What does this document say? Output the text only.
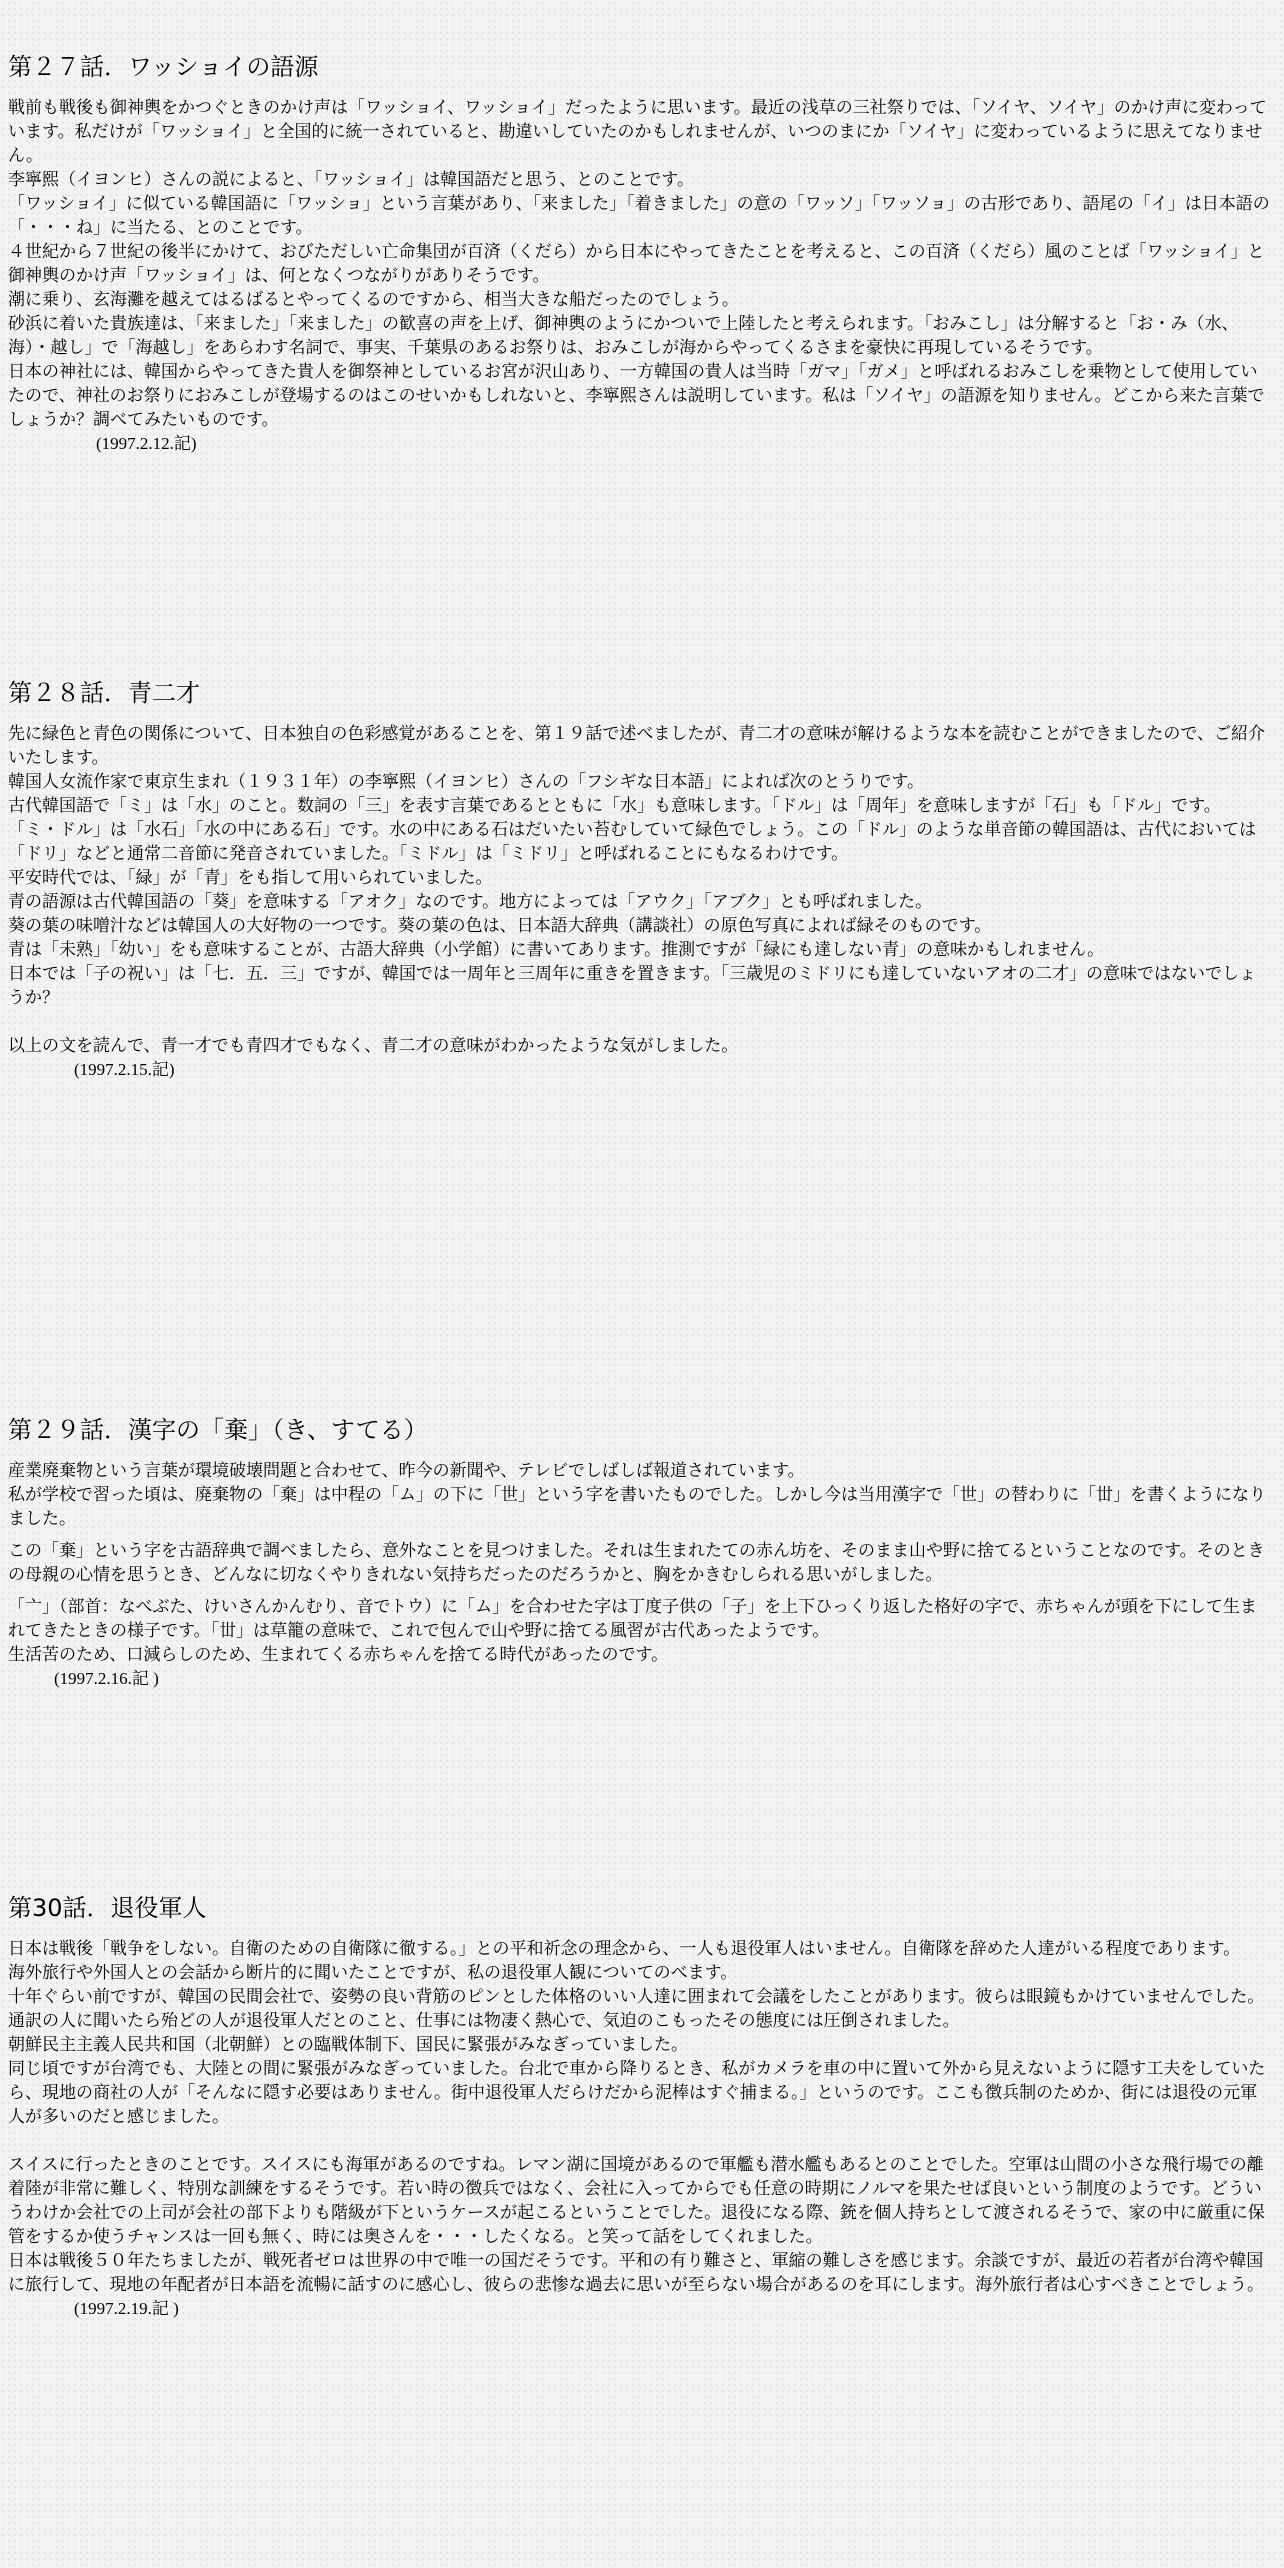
第２７話．ワッショイの語源

戦前も戦後も御神輿をかつぐときのかけ声は「ワッショイ、ワッショイ」だったように思います。最近の浅草の三社祭りでは、「ソイヤ、ソイヤ」のかけ声に変わっています。私だけが「ワッショイ」と全国的に統一されていると、勘違いしていたのかもしれませんが、いつのまにか「ソイヤ」に変わっているように思えてなりません。

李寧熙（イヨンヒ）さんの説によると、「ワッショイ」は韓国語だと思う、とのことです。

「ワッショイ」に似ている韓国語に「ワッショ」という言葉があり、「来ました」「着きました」の意の「ワッソ」「ワッソョ」の古形であり、語尾の「イ」は日本語の「・・・ね」に当たる、とのことです。

４世紀から７世紀の後半にかけて、おびただしい亡命集団が百済（くだら）から日本にやってきたことを考えると、この百済（くだら）風のことば「ワッショイ」と御神輿のかけ声「ワッショイ」は、何となくつながりがありそうです。

潮に乗り、玄海灘を越えてはるばるとやってくるのですから、相当大きな船だったのでしょう。

砂浜に着いた貴族達は、「来ました」「来ました」の歓喜の声を上げ、御神輿のようにかついで上陸したと考えられます。「おみこし」は分解すると「お・み（水、海）・越し」で「海越し」をあらわす名詞で、事実、千葉県のあるお祭りは、おみこしが海からやってくるさまを豪快に再現しているそうです。

日本の神社には、韓国からやってきた貴人を御祭神としているお宮が沢山あり、一方韓国の貴人は当時「ガマ」「ガメ」と呼ばれるおみこしを乗物として使用していたので、神社のお祭りにおみこしが登場するのはこのせいかもしれないと、李寧熙さんは説明しています。私は「ソイヤ」の語源を知りません。どこから来た言葉でしょうか？調べてみたいものです。

(1997.2.12.記)
第２８話．青二才

先に緑色と青色の関係について、日本独自の色彩感覚があることを、第１９話で述べましたが、青二才の意味が解けるような本を読むことができましたので、ご紹介いたします。

韓国人女流作家で東京生まれ（１９３１年）の李寧熙（イヨンヒ）さんの「フシギな日本語」によれば次のとうりです。

古代韓国語で「ミ」は「水」のこと。数詞の「三」を表す言葉であるとともに「水」も意味します。「ドル」は「周年」を意味しますが「石」も「ドル」です。

「ミ・ドル」は「水石」「水の中にある石」です。水の中にある石はだいたい苔むしていて緑色でしょう。この「ドル」のような単音節の韓国語は、古代においては「ドリ」などと通常二音節に発音されていました。「ミドル」は「ミドリ」と呼ばれることにもなるわけです。

平安時代では、「緑」が「青」をも指して用いられていました。

青の語源は古代韓国語の「葵」を意味する「アオク」なのです。地方によっては「アウク」「アブク」とも呼ばれました。

葵の葉の味噌汁などは韓国人の大好物の一つです。葵の葉の色は、日本語大辞典（講談社）の原色写真によれば緑そのものです。

青は「未熟」「幼い」をも意味することが、古語大辞典（小学館）に書いてあります。推測ですが「緑にも達しない青」の意味かもしれません。

日本では「子の祝い」は「七．五．三」ですが、韓国では一周年と三周年に重きを置きます。「三歳児のミドリにも達していないアオの二才」の意味ではないでしょうか？

以上の文を読んで、青一才でも青四才でもなく、青二才の意味がわかったような気がしました。

(1997.2.15.記)
第２９話．漢字の「棄」（き、すてる）

産業廃棄物という言葉が環境破壊問題と合わせて、昨今の新聞や、テレビでしばしば報道されています。

私が学校で習った頃は、廃棄物の「棄」は中程の「ム」の下に「世」という字を書いたものでした。しかし今は当用漢字で「世」の替わりに「丗」を書くようになりました。

この「棄」という字を古語辞典で調べましたら、意外なことを見つけました。それは生まれたての赤ん坊を、そのまま山や野に捨てるということなのです。そのときの母親の心情を思うとき、どんなに切なくやりきれない気持ちだったのだろうかと、胸をかきむしられる思いがしました。

「亠」（部首：なべぶた、けいさんかんむり、音でトウ）に「ム」を合わせた字は丁度子供の「子」を上下ひっくり返した格好の字で、赤ちゃんが頭を下にして生まれてきたときの様子です。「丗」は草籠の意味で、これで包んで山や野に捨てる風習が古代あったようです。

生活苦のため、口減らしのため、生まれてくる赤ちゃんを捨てる時代があったのです。

(1997.2.16.記 )
第30話．退役軍人

日本は戦後「戦争をしない。自衛のための自衛隊に徹する。」との平和祈念の理念から、一人も退役軍人はいません。自衛隊を辞めた人達がいる程度であります。

海外旅行や外国人との会話から断片的に聞いたことですが、私の退役軍人観についてのべます。

十年ぐらい前ですが、韓国の民間会社で、姿勢の良い背筋のピンとした体格のいい人達に囲まれて会議をしたことがあります。彼らは眼鏡もかけていませんでした。通訳の人に聞いたら殆どの人が退役軍人だとのこと、仕事には物凄く熱心で、気迫のこもったその態度には圧倒されました。

朝鮮民主主義人民共和国（北朝鮮）との臨戦体制下、国民に緊張がみなぎっていました。

同じ頃ですが台湾でも、大陸との間に緊張がみなぎっていました。台北で車から降りるとき、私がカメラを車の中に置いて外から見えないように隠す工夫をしていたら、現地の商社の人が「そんなに隠す必要はありません。街中退役軍人だらけだから泥棒はすぐ捕まる。」というのです。ここも徴兵制のためか、街には退役の元軍人が多いのだと感じました。

スイスに行ったときのことです。スイスにも海軍があるのですね。レマン湖に国境があるので軍艦も潜水艦もあるとのことでした。空軍は山間の小さな飛行場での離着陸が非常に難しく、特別な訓練をするそうです。若い時の徴兵ではなく、会社に入ってからでも任意の時期にノルマを果たせば良いという制度のようです。どういうわけか会社での上司が会社の部下よりも階級が下というケースが起こるということでした。退役になる際、銃を個人持ちとして渡されるそうで、家の中に厳重に保管をするか使うチャンスは一回も無く、時には奥さんを・・・したくなる。と笑って話をしてくれました。

日本は戦後５０年たちましたが、戦死者ゼロは世界の中で唯一の国だそうです。平和の有り難さと、軍縮の難しさを感じます。余談ですが、最近の若者が台湾や韓国に旅行して、現地の年配者が日本語を流暢に話すのに感心し、彼らの悲惨な過去に思いが至らない場合があるのを耳にします。海外旅行者は心すべきことでしょう。

(1997.2.19.記 )
